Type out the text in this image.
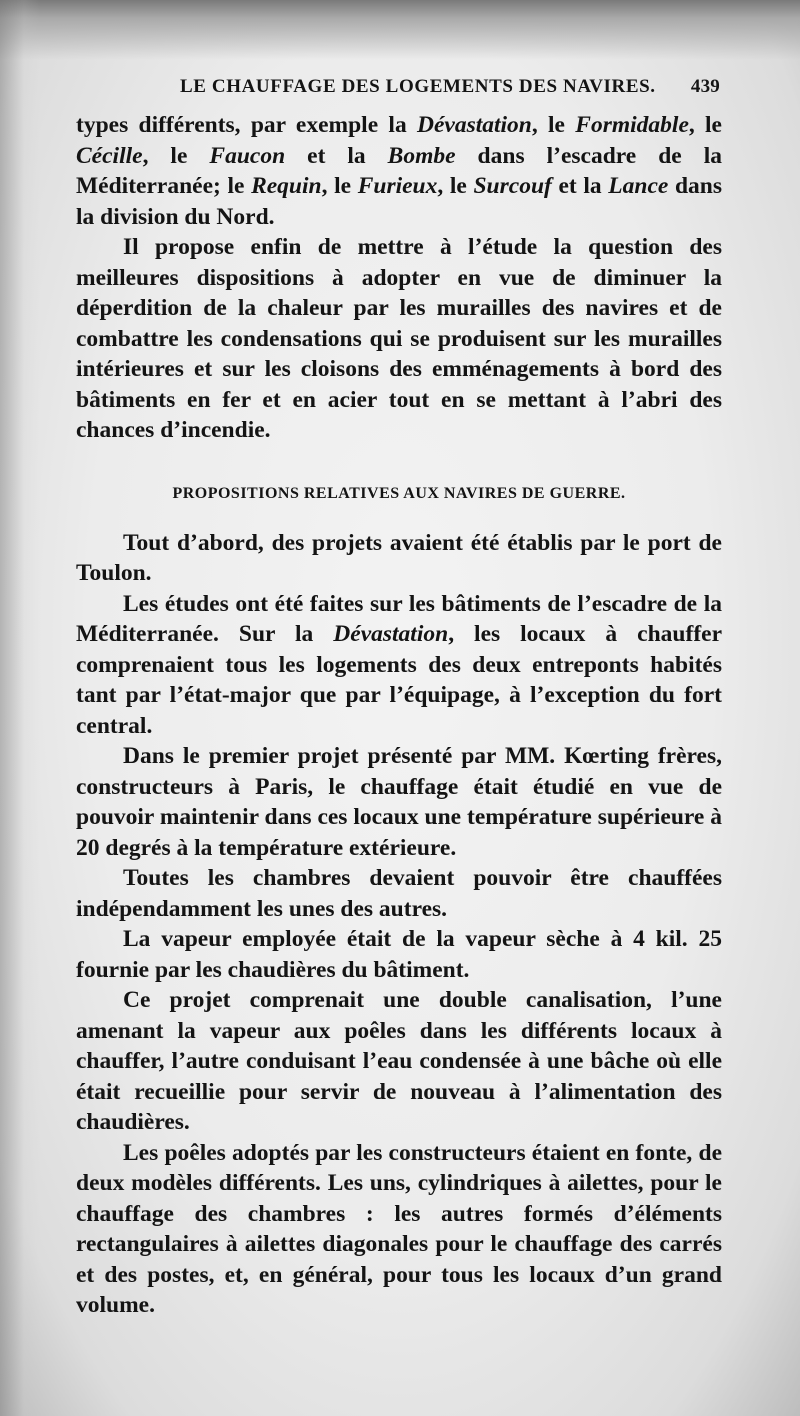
LE CHAUFFAGE DES LOGEMENTS DES NAVIRES. 439

types différents, par exemple la Dévastation, le Formidable, le Cécille, le Faucon et la Bombe dans l’escadre de la Méditerranée; le Requin, le Furieux, le Surcouf et la Lance dans la division du Nord.

Il propose enfin de mettre à l’étude la question des meilleures dispositions à adopter en vue de diminuer la déperdition de la chaleur par les murailles des navires et de combattre les condensations qui se produisent sur les murailles intérieures et sur les cloisons des emménagements à bord des bâtiments en fer et en acier tout en se mettant à l’abri des chances d’incendie.

PROPOSITIONS RELATIVES AUX NAVIRES DE GUERRE.

Tout d’abord, des projets avaient été établis par le port de Toulon.

Les études ont été faites sur les bâtiments de l’escadre de la Méditerranée. Sur la Dévastation, les locaux à chauffer comprenaient tous les logements des deux entreponts habités tant par l’état-major que par l’équipage, à l’exception du fort central.

Dans le premier projet présenté par MM. Kœrting frères, constructeurs à Paris, le chauffage était étudié en vue de pouvoir maintenir dans ces locaux une température supérieure à 20 degrés à la température extérieure.

Toutes les chambres devaient pouvoir être chauffées indépendamment les unes des autres.

La vapeur employée était de la vapeur sèche à 4 kil. 25 fournie par les chaudières du bâtiment.

Ce projet comprenait une double canalisation, l’une amenant la vapeur aux poêles dans les différents locaux à chauffer, l’autre conduisant l’eau condensée à une bâche où elle était recueillie pour servir de nouveau à l’alimentation des chaudières.

Les poêles adoptés par les constructeurs étaient en fonte, de deux modèles différents. Les uns, cylindriques à ailettes, pour le chauffage des chambres : les autres formés d’éléments rectangulaires à ailettes diagonales pour le chauffage des carrés et des postes, et, en général, pour tous les locaux d’un grand volume.
